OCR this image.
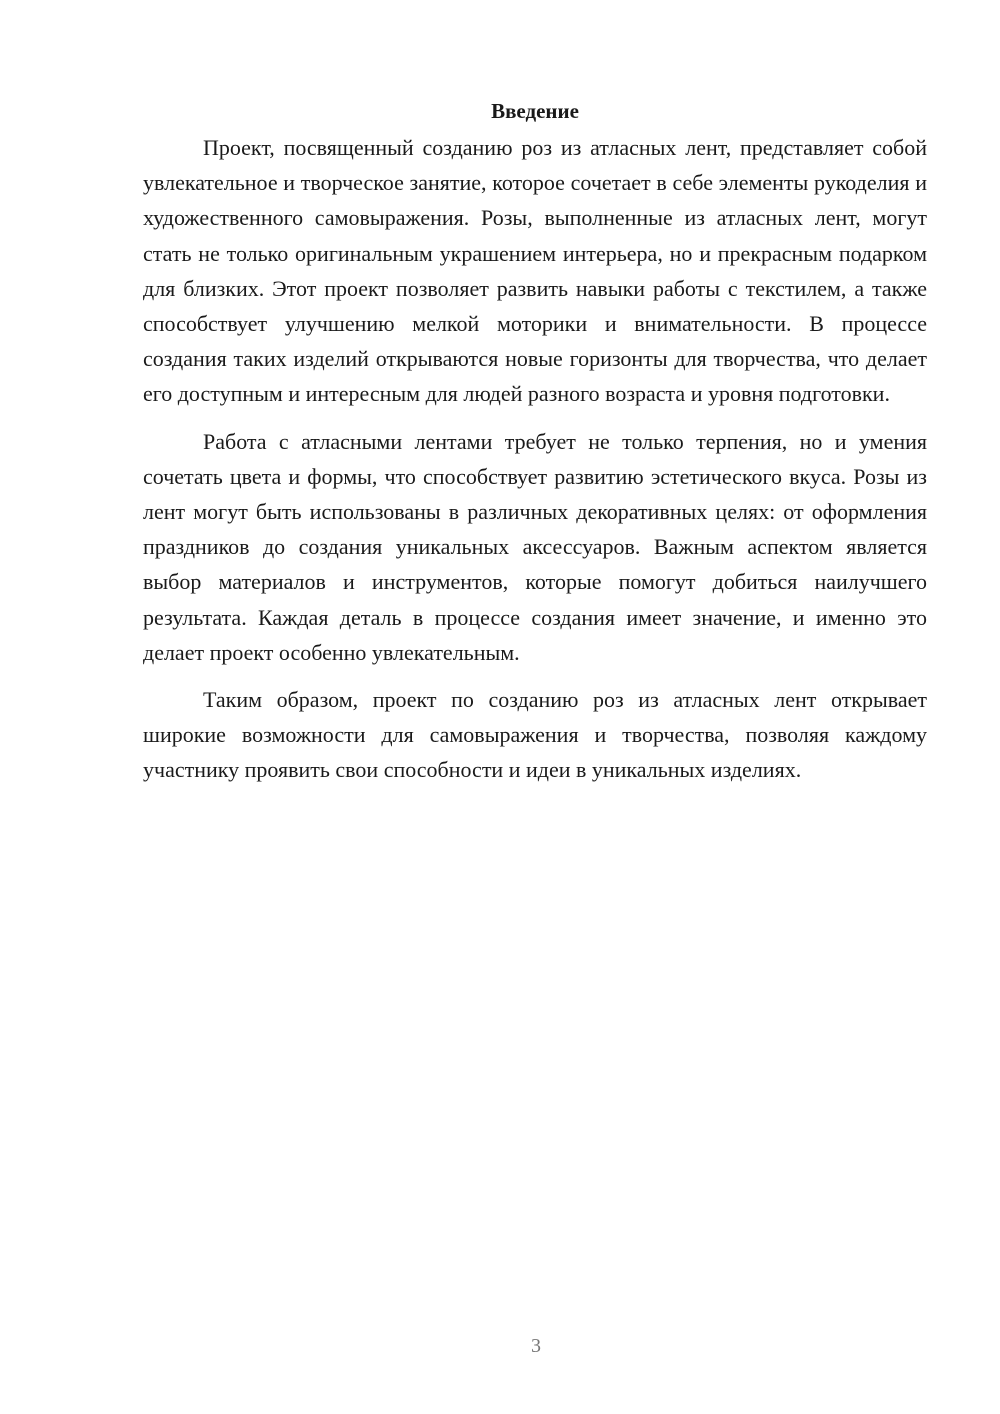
Введение

Проект, посвященный созданию роз из атласных лент, представляет собой увлекательное и творческое занятие, которое сочетает в себе элементы рукоделия и художественного самовыражения. Розы, выполненные из атласных лент, могут стать не только оригинальным украшением интерьера, но и прекрасным подарком для близких. Этот проект позволяет развить навыки работы с текстилем, а также способствует улучшению мелкой моторики и внимательности. В процессе создания таких изделий открываются новые горизонты для творчества, что делает его доступным и интересным для людей разного возраста и уровня подготовки.

Работа с атласными лентами требует не только терпения, но и умения сочетать цвета и формы, что способствует развитию эстетического вкуса. Розы из лент могут быть использованы в различных декоративных целях: от оформления праздников до создания уникальных аксессуаров. Важным аспектом является выбор материалов и инструментов, которые помогут добиться наилучшего результата. Каждая деталь в процессе создания имеет значение, и именно это делает проект особенно увлекательным.

Таким образом, проект по созданию роз из атласных лент открывает широкие возможности для самовыражения и творчества, позволяя каждому участнику проявить свои способности и идеи в уникальных изделиях.

3
